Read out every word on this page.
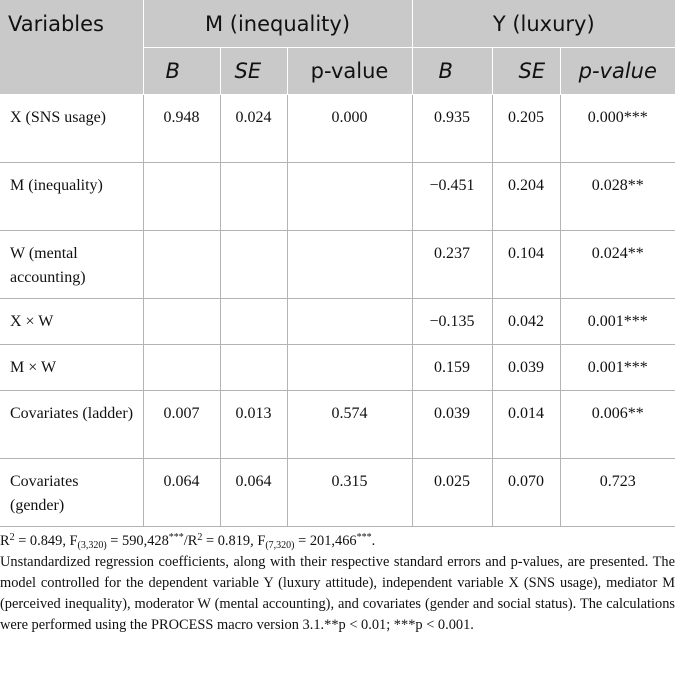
Variables	M (inequality)			Y (luxury)		
	B	SE	p-value	B	SE	p-value
X (SNS usage)	0.948	0.024	0.000	0.935	0.205	0.000***
M (inequality)				−0.451	0.204	0.028**
W (mental accounting)				0.237	0.104	0.024**
X × W				−0.135	0.042	0.001***
M × W				0.159	0.039	0.001***
Covariates (ladder)	0.007	0.013	0.574	0.039	0.014	0.006**
Covariates (gender)	0.064	0.064	0.315	0.025	0.070	0.723

$R^2 = 0.849$, $F_{(3,320)} = 590,428^{***}/R^2 = 0.819$, $F_{(7,320)} = 201,466^{***}$.

Unstandardized regression coefficients, along with their respective standard errors and p-values, are presented. The model controlled for the dependent variable Y (luxury attitude), independent variable X (SNS usage), mediator M (perceived inequality), moderator W (mental accounting), and covariates (gender and social status). The calculations were performed using the PROCESS macro version 3.1.**p < 0.01; ***p < 0.001.
